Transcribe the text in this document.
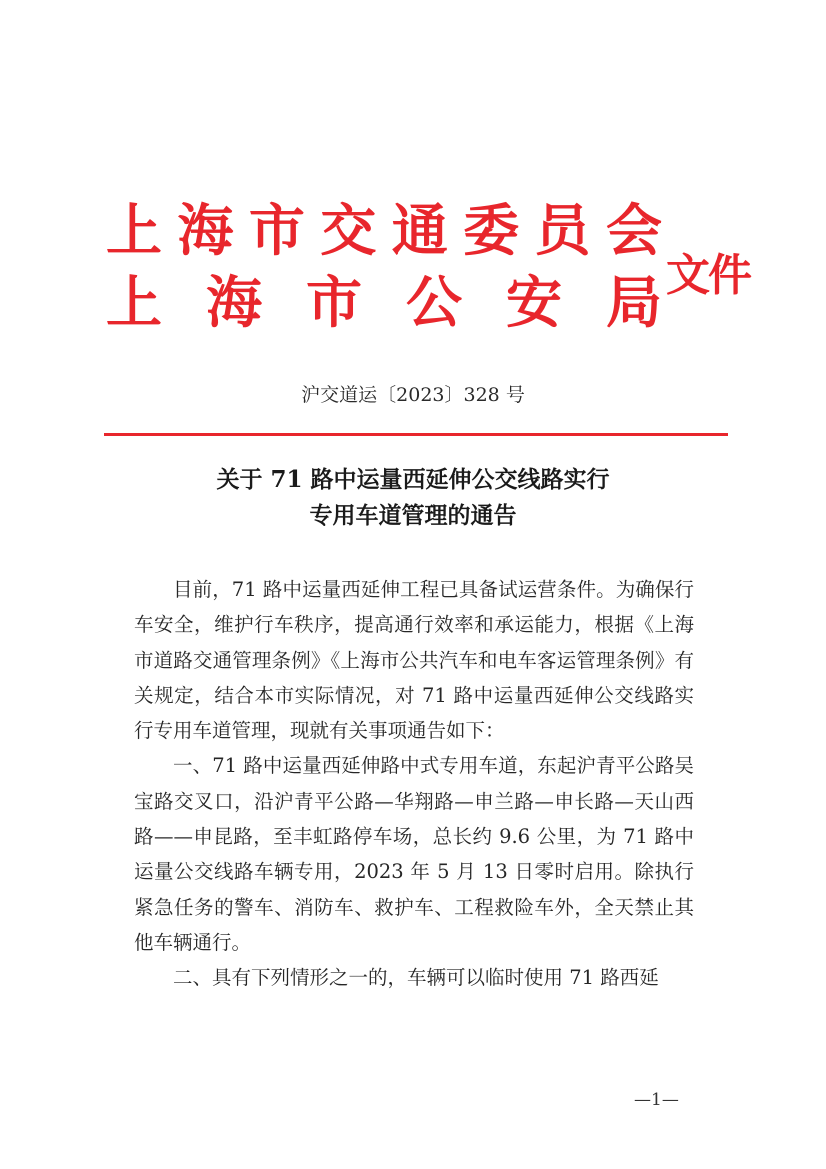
上 海 市 交 通 委 员 会
上 海 市 公 安 局 文件
沪交道运〔2023〕328 号
关于 71 路中运量西延伸公交线路实行
专用车道管理的通告

目前，71 路中运量西延伸工程已具备试运营条件。为确保行车安全，维护行车秩序，提高通行效率和承运能力，根据《上海市道路交通管理条例》《上海市公共汽车和电车客运管理条例》有关规定，结合本市实际情况，对 71 路中运量西延伸公交线路实行专用车道管理，现就有关事项通告如下：

一、71 路中运量西延伸路中式专用车道，东起沪青平公路吴宝路交叉口，沿沪青平公路—华翔路—申兰路—申长路—天山西路——申昆路，至丰虹路停车场，总长约 9.6 公里，为 71 路中运量公交线路车辆专用，2023 年 5 月 13 日零时启用。除执行紧急任务的警车、消防车、救护车、工程救险车外，全天禁止其他车辆通行。

二、具有下列情形之一的，车辆可以临时使用 71 路西延

—1—
